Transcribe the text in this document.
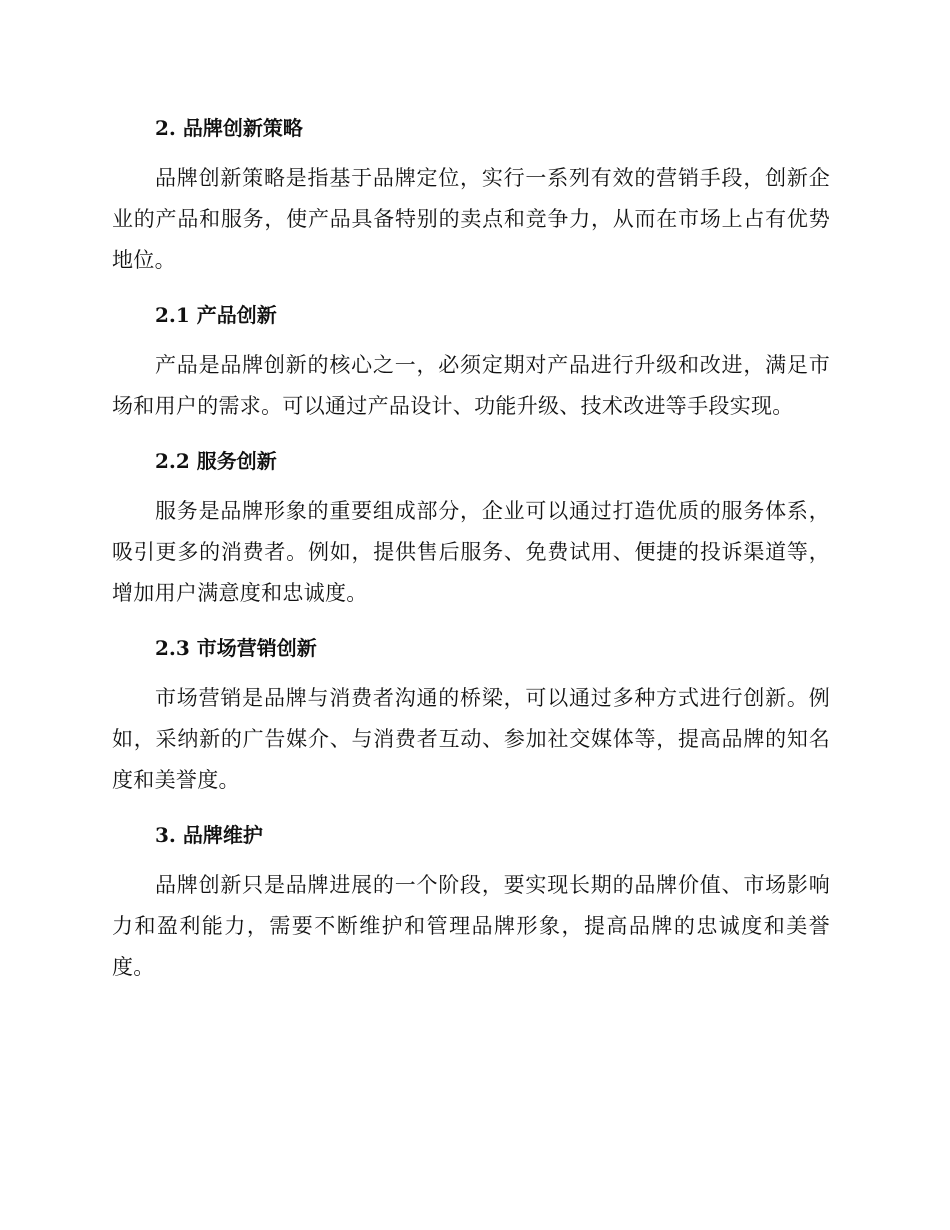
2. 品牌创新策略

品牌创新策略是指基于品牌定位，实行一系列有效的营销手段，创新企业的产品和服务，使产品具备特别的卖点和竞争力，从而在市场上占有优势地位。

2.1 产品创新

产品是品牌创新的核心之一，必须定期对产品进行升级和改进，满足市场和用户的需求。可以通过产品设计、功能升级、技术改进等手段实现。

2.2 服务创新

服务是品牌形象的重要组成部分，企业可以通过打造优质的服务体系，吸引更多的消费者。例如，提供售后服务、免费试用、便捷的投诉渠道等，增加用户满意度和忠诚度。

2.3 市场营销创新

市场营销是品牌与消费者沟通的桥梁，可以通过多种方式进行创新。例如，采纳新的广告媒介、与消费者互动、参加社交媒体等，提高品牌的知名度和美誉度。

3. 品牌维护

品牌创新只是品牌进展的一个阶段，要实现长期的品牌价值、市场影响力和盈利能力，需要不断维护和管理品牌形象，提高品牌的忠诚度和美誉度。
